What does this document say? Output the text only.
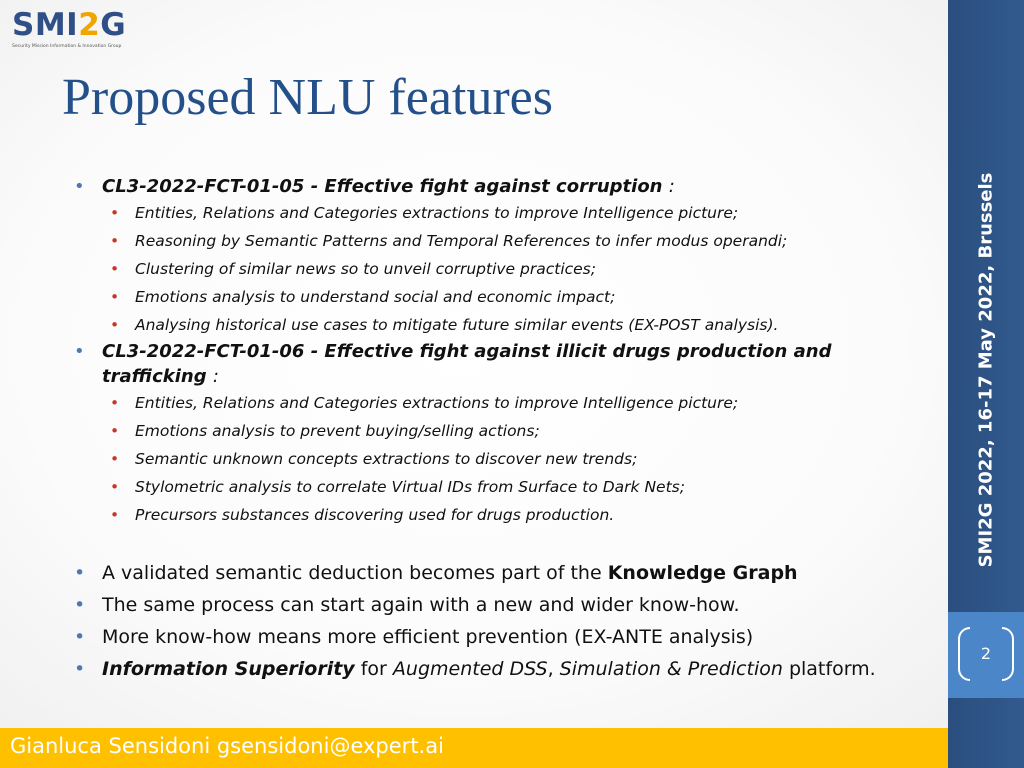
SMI2G
Security Mission Information & Innovation Group
Proposed NLU features
• CL3-2022-FCT-01-05 - Effective fight against corruption :
• Entities, Relations and Categories extractions to improve Intelligence picture;
• Reasoning by Semantic Patterns and Temporal References to infer modus operandi;
• Clustering of similar news so to unveil corruptive practices;
• Emotions analysis to understand social and economic impact;
• Analysing historical use cases to mitigate future similar events (EX-POST analysis).
• CL3-2022-FCT-01-06 - Effective fight against illicit drugs production and trafficking :
• Entities, Relations and Categories extractions to improve Intelligence picture;
• Emotions analysis to prevent buying/selling actions;
• Semantic unknown concepts extractions to discover new trends;
• Stylometric analysis to correlate Virtual IDs from Surface to Dark Nets;
• Precursors substances discovering used for drugs production.
• A validated semantic deduction becomes part of the Knowledge Graph
• The same process can start again with a new and wider know-how.
• More know-how means more efficient prevention (EX-ANTE analysis)
• Information Superiority for Augmented DSS, Simulation & Prediction platform.
SMI2G 2022, 16-17 May 2022, Brussels
2
Gianluca Sensidoni gsensidoni@expert.ai
